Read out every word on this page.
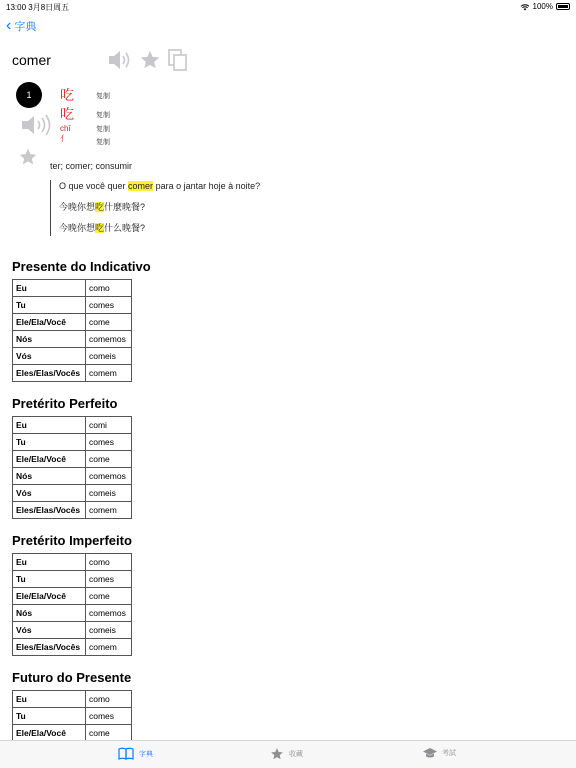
13:00 3月8日周五	100%
‹ 字典
comer
1	吃
吃
chī
亻
复制
复制
复制
复制
ter; comer; consumir
O que você quer comer para o jantar hoje à noite?
今晚你想吃什麼晚餐?
今晚你想吃什么晚餐?
Presente do Indicativo
Eu	como
Tu	comes
Ele/Ela/Você	come
Nós	comemos
Vós	comeis
Eles/Elas/Vocês	comem
Pretérito Perfeito
Eu	comi
Tu	comes
Ele/Ela/Você	come
Nós	comemos
Vós	comeis
Eles/Elas/Vocês	comem
Pretérito Imperfeito
Eu	como
Tu	comes
Ele/Ela/Você	come
Nós	comemos
Vós	comeis
Eles/Elas/Vocês	comem
Futuro do Presente
Eu	como
Tu	comes
Ele/Ela/Você	come
字典	收藏	考試
